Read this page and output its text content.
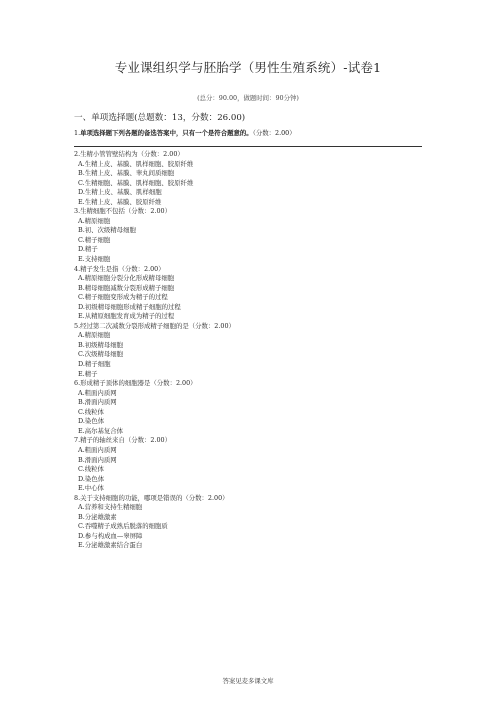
专业课组织学与胚胎学（男性生殖系统）-试卷1
(总分：90.00，做题时间：90分钟)
一、单项选择题(总题数：13，分数：26.00)
1.单项选择题下列各题的备选答案中，只有一个是符合题意的。（分数：2.00）
2.生精小管管壁结构为（分数：2.00）
A.生精上皮、基膜、肌样细胞、胶原纤维
B.生精上皮、基膜、睾丸间质细胞
C.生精细胞、基膜、肌样细胞、胶原纤维
D.生精上皮、基膜、肌样细胞
E.生精上皮、基膜、胶原纤维
3.生精细胞不包括（分数：2.00）
A.精原细胞
B.初、次级精母细胞
C.精子细胞
D.精子
E.支持细胞
4.精子发生是指（分数：2.00）
A.精原细胞分裂分化形成精母细胞
B.精母细胞减数分裂形成精子细胞
C.精子细胞变形成为精子的过程
D.初级精母细胞形成精子细胞的过程
E.从精原细胞发育成为精子的过程
5.经过第二次减数分裂形成精子细胞的是（分数：2.00）
A.精原细胞
B.初级精母细胞
C.次级精母细胞
D.精子细胞
E.精子
6.形成精子顶体的细胞器是（分数：2.00）
A.粗面内质网
B.滑面内质网
C.线粒体
D.染色体
E.高尔基复合体
7.精子的轴丝来自（分数：2.00）
A.粗面内质网
B.滑面内质网
C.线粒体
D.染色体
E.中心体
8.关于支持细胞的功能，哪项是错误的（分数：2.00）
A.营养和支持生精细胞
B.分泌雄激素
C.吞噬精子成熟后脱落的细胞质
D.参与构成血—睾屏障
E.分泌雄激素结合蛋白
答案见麦多课文库
